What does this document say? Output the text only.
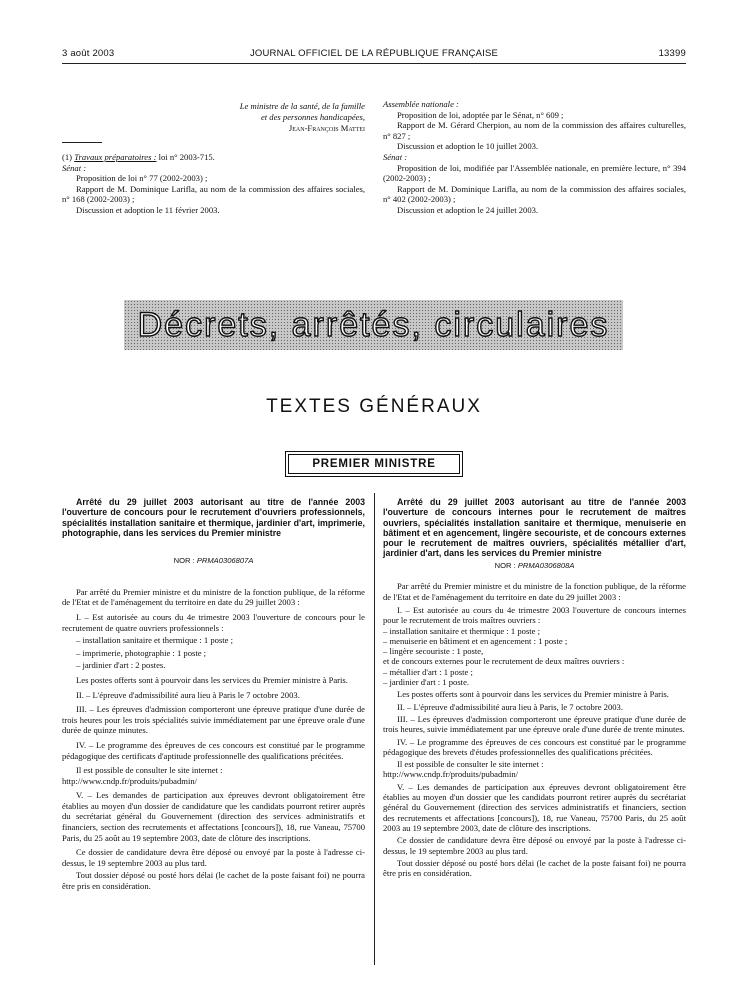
3 août 2003	JOURNAL OFFICIEL DE LA RÉPUBLIQUE FRANÇAISE	13399
Le ministre de la santé, de la famille
et des personnes handicapées,
Jean-François Mattei

(1) Travaux préparatoires : loi n° 2003-715.

Sénat :

Proposition de loi n° 77 (2002-2003) ;

Rapport de M. Dominique Larifla, au nom de la commission des affaires sociales, n° 168 (2002-2003) ;

Discussion et adoption le 11 février 2003.

Assemblée nationale :

Proposition de loi, adoptée par le Sénat, n° 609 ;

Rapport de M. Gérard Cherpion, au nom de la commission des affaires culturelles, n° 827 ;

Discussion et adoption le 10 juillet 2003.

Sénat :

Proposition de loi, modifiée par l'Assemblée nationale, en première lecture, n° 394 (2002-2003) ;

Rapport de M. Dominique Larifla, au nom de la commission des affaires sociales, n° 402 (2002-2003) ;

Discussion et adoption le 24 juillet 2003.

Décrets, arrêtés, circulaires
TEXTES GÉNÉRAUX
PREMIER MINISTRE

Arrêté du 29 juillet 2003 autorisant au titre de l'année 2003 l'ouverture de concours pour le recrutement d'ouvriers professionnels, spécialités installation sanitaire et thermique, jardinier d'art, imprimerie, photographie, dans les services du Premier ministre

NOR : PRMA0306807A

Par arrêté du Premier ministre et du ministre de la fonction publique, de la réforme de l'Etat et de l'aménagement du territoire en date du 29 juillet 2003 :

I. – Est autorisée au cours du 4e trimestre 2003 l'ouverture de concours pour le recrutement de quatre ouvriers professionnels :

– installation sanitaire et thermique : 1 poste ;

– imprimerie, photographie : 1 poste ;

– jardinier d'art : 2 postes.

Les postes offerts sont à pourvoir dans les services du Premier ministre à Paris.

II. – L'épreuve d'admissibilité aura lieu à Paris le 7 octobre 2003.

III. – Les épreuves d'admission comporteront une épreuve pratique d'une durée de trois heures pour les trois spécialités suivie immédiatement par une épreuve orale d'une durée de quinze minutes.

IV. – Le programme des épreuves de ces concours est constitué par le programme pédagogique des certificats d'aptitude professionnelle des qualifications précitées.

Il est possible de consulter le site internet :

http://www.cndp.fr/produits/pubadmin/

V. – Les demandes de participation aux épreuves devront obligatoirement être établies au moyen d'un dossier de candidature que les candidats pourront retirer auprès du secrétariat général du Gouvernement (direction des services administratifs et financiers, section des recrutements et affectations [concours]), 18, rue Vaneau, 75700 Paris, du 25 août au 19 septembre 2003, date de clôture des inscriptions.

Ce dossier de candidature devra être déposé ou envoyé par la poste à l'adresse ci-dessus, le 19 septembre 2003 au plus tard.

Tout dossier déposé ou posté hors délai (le cachet de la poste faisant foi) ne pourra être pris en considération.

Arrêté du 29 juillet 2003 autorisant au titre de l'année 2003 l'ouverture de concours internes pour le recrutement de maîtres ouvriers, spécialités installation sanitaire et thermique, menuiserie en bâtiment et en agencement, lingère secouriste, et de concours externes pour le recrutement de maîtres ouvriers, spécialités métallier d'art, jardinier d'art, dans les services du Premier ministre

NOR : PRMA0306808A

Par arrêté du Premier ministre et du ministre de la fonction publique, de la réforme de l'Etat et de l'aménagement du territoire en date du 29 juillet 2003 :

I. – Est autorisée au cours du 4e trimestre 2003 l'ouverture de concours internes pour le recrutement de trois maîtres ouvriers :

– installation sanitaire et thermique : 1 poste ;

– menuiserie en bâtiment et en agencement : 1 poste ;

– lingère secouriste : 1 poste,

et de concours externes pour le recrutement de deux maîtres ouvriers :

– métallier d'art : 1 poste ;

– jardinier d'art : 1 poste.

Les postes offerts sont à pourvoir dans les services du Premier ministre à Paris.

II. – L'épreuve d'admissibilité aura lieu à Paris, le 7 octobre 2003.

III. – Les épreuves d'admission comporteront une épreuve pratique d'une durée de trois heures, suivie immédiatement par une épreuve orale d'une durée de trente minutes.

IV. – Le programme des épreuves de ces concours est constitué par le programme pédagogique des brevets d'études professionnelles des qualifications précitées.

Il est possible de consulter le site internet :

http://www.cndp.fr/produits/pubadmin/

V. – Les demandes de participation aux épreuves devront obligatoirement être établies au moyen d'un dossier que les candidats pourront retirer auprès du secrétariat général du Gouvernement (direction des services administratifs et financiers, section des recrutements et affectations [concours]), 18, rue Vaneau, 75700 Paris, du 25 août 2003 au 19 septembre 2003, date de clôture des inscriptions.

Ce dossier de candidature devra être déposé ou envoyé par la poste à l'adresse ci-dessus, le 19 septembre 2003 au plus tard.

Tout dossier déposé ou posté hors délai (le cachet de la poste faisant foi) ne pourra être pris en considération.
